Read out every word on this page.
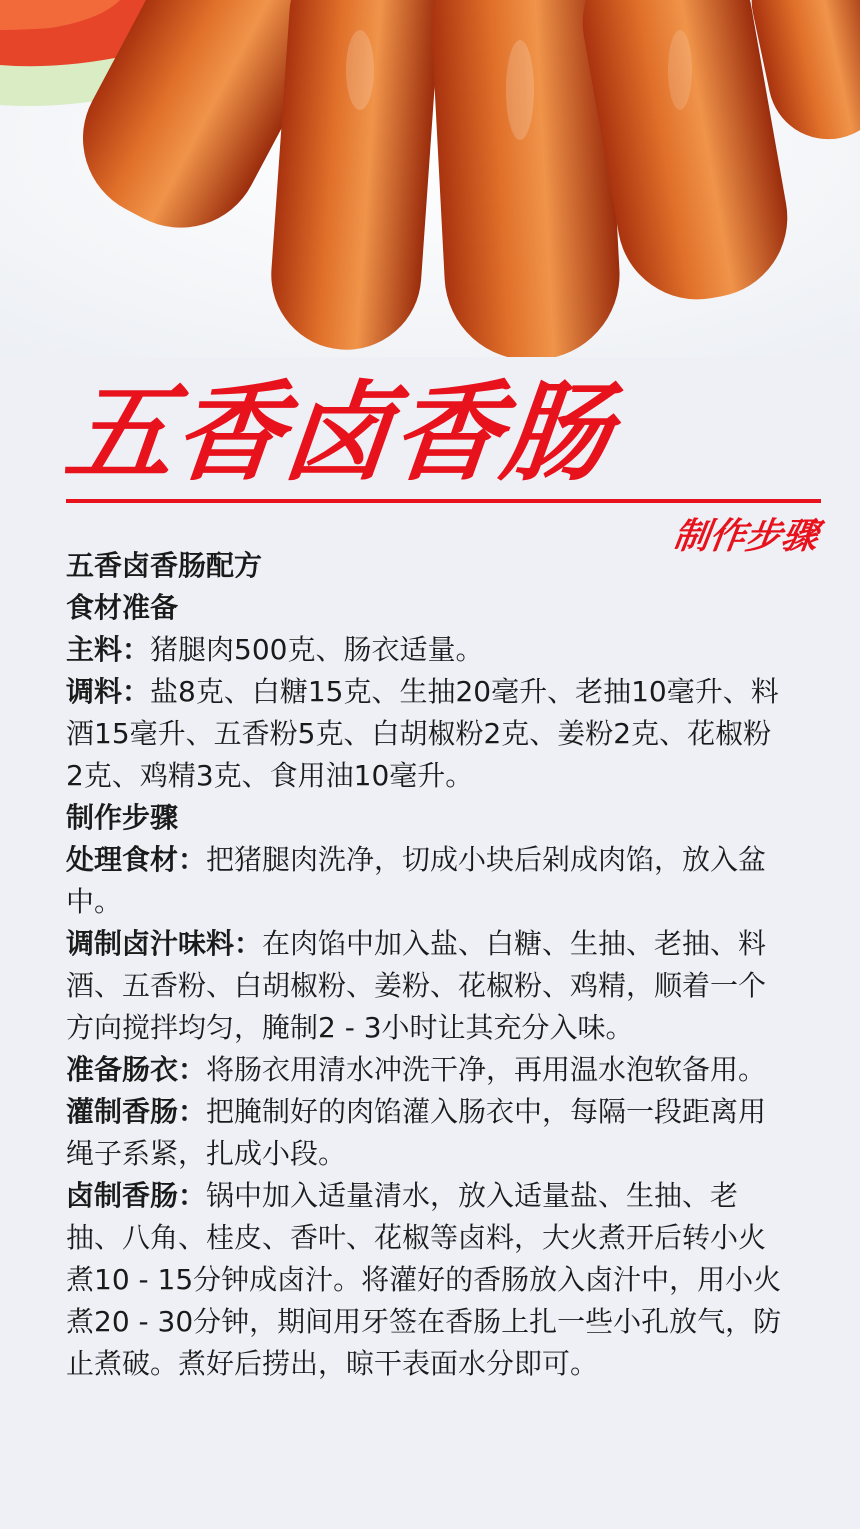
五香卤香肠
制作步骤

五香卤香肠配方

食材准备

主料：猪腿肉500克、肠衣适量。

调料：盐8克、白糖15克、生抽20毫升、老抽10毫升、料酒15毫升、五香粉5克、白胡椒粉2克、姜粉2克、花椒粉2克、鸡精3克、食用油10毫升。

制作步骤

处理食材：把猪腿肉洗净，切成小块后剁成肉馅，放入盆中。

调制卤汁味料：在肉馅中加入盐、白糖、生抽、老抽、料酒、五香粉、白胡椒粉、姜粉、花椒粉、鸡精，顺着一个方向搅拌均匀，腌制2 - 3小时让其充分入味。

准备肠衣：将肠衣用清水冲洗干净，再用温水泡软备用。

灌制香肠：把腌制好的肉馅灌入肠衣中，每隔一段距离用绳子系紧，扎成小段。

卤制香肠：锅中加入适量清水，放入适量盐、生抽、老抽、八角、桂皮、香叶、花椒等卤料，大火煮开后转小火煮10 - 15分钟成卤汁。将灌好的香肠放入卤汁中，用小火煮20 - 30分钟，期间用牙签在香肠上扎一些小孔放气，防止煮破。煮好后捞出，晾干表面水分即可。
